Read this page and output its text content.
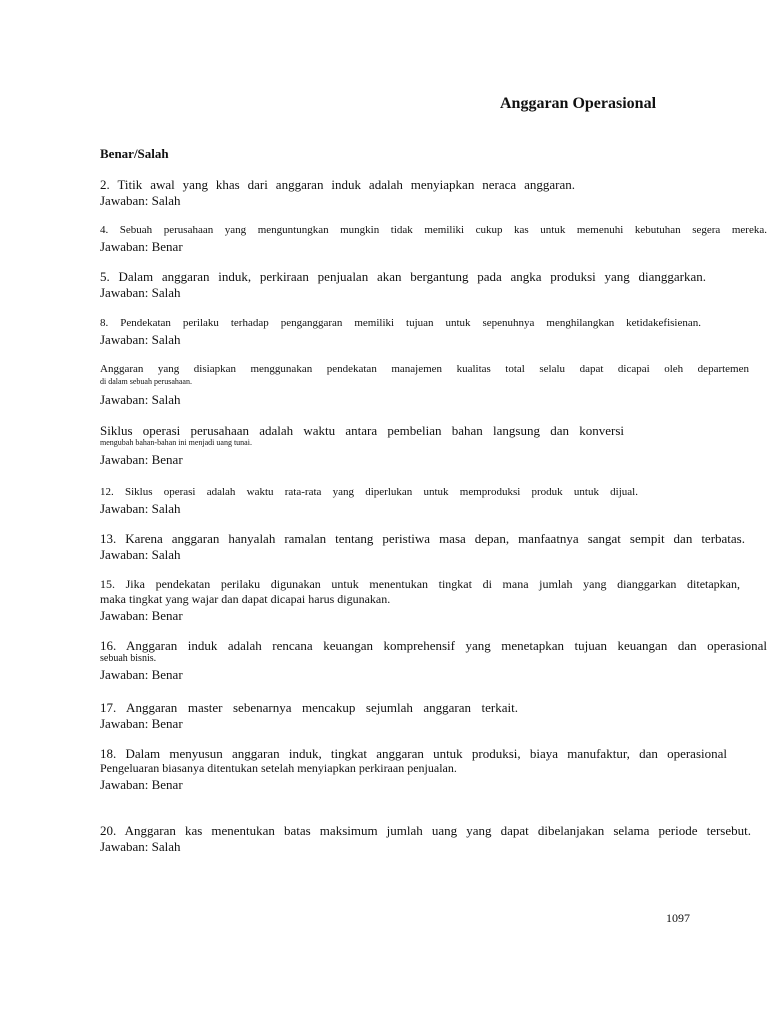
Anggaran Operasional
Benar/Salah
2. Titik awal yang khas dari anggaran induk adalah menyiapkan neraca anggaran.
Jawaban: Salah
4. Sebuah perusahaan yang menguntungkan mungkin tidak memiliki cukup kas untuk memenuhi kebutuhan segera mereka.
Jawaban: Benar
5. Dalam anggaran induk, perkiraan penjualan akan bergantung pada angka produksi yang dianggarkan.
Jawaban: Salah
8. Pendekatan perilaku terhadap penganggaran memiliki tujuan untuk sepenuhnya menghilangkan ketidakefisienan.
Jawaban: Salah
Anggaran yang disiapkan menggunakan pendekatan manajemen kualitas total selalu dapat dicapai oleh departemen
di dalam sebuah perusahaan.
Jawaban: Salah
Siklus operasi perusahaan adalah waktu antara pembelian bahan langsung dan konversi
mengubah bahan-bahan ini menjadi uang tunai.
Jawaban: Benar
12. Siklus operasi adalah waktu rata-rata yang diperlukan untuk memproduksi produk untuk dijual.
Jawaban: Salah
13. Karena anggaran hanyalah ramalan tentang peristiwa masa depan, manfaatnya sangat sempit dan terbatas.
Jawaban: Salah
15. Jika pendekatan perilaku digunakan untuk menentukan tingkat di mana jumlah yang dianggarkan ditetapkan,
maka tingkat yang wajar dan dapat dicapai harus digunakan.
Jawaban: Benar
16. Anggaran induk adalah rencana keuangan komprehensif yang menetapkan tujuan keuangan dan operasional
sebuah bisnis.
Jawaban: Benar
17. Anggaran master sebenarnya mencakup sejumlah anggaran terkait.
Jawaban: Benar
18. Dalam menyusun anggaran induk, tingkat anggaran untuk produksi, biaya manufaktur, dan operasional
Pengeluaran biasanya ditentukan setelah menyiapkan perkiraan penjualan.
Jawaban: Benar
20. Anggaran kas menentukan batas maksimum jumlah uang yang dapat dibelanjakan selama periode tersebut.
Jawaban: Salah
1097
